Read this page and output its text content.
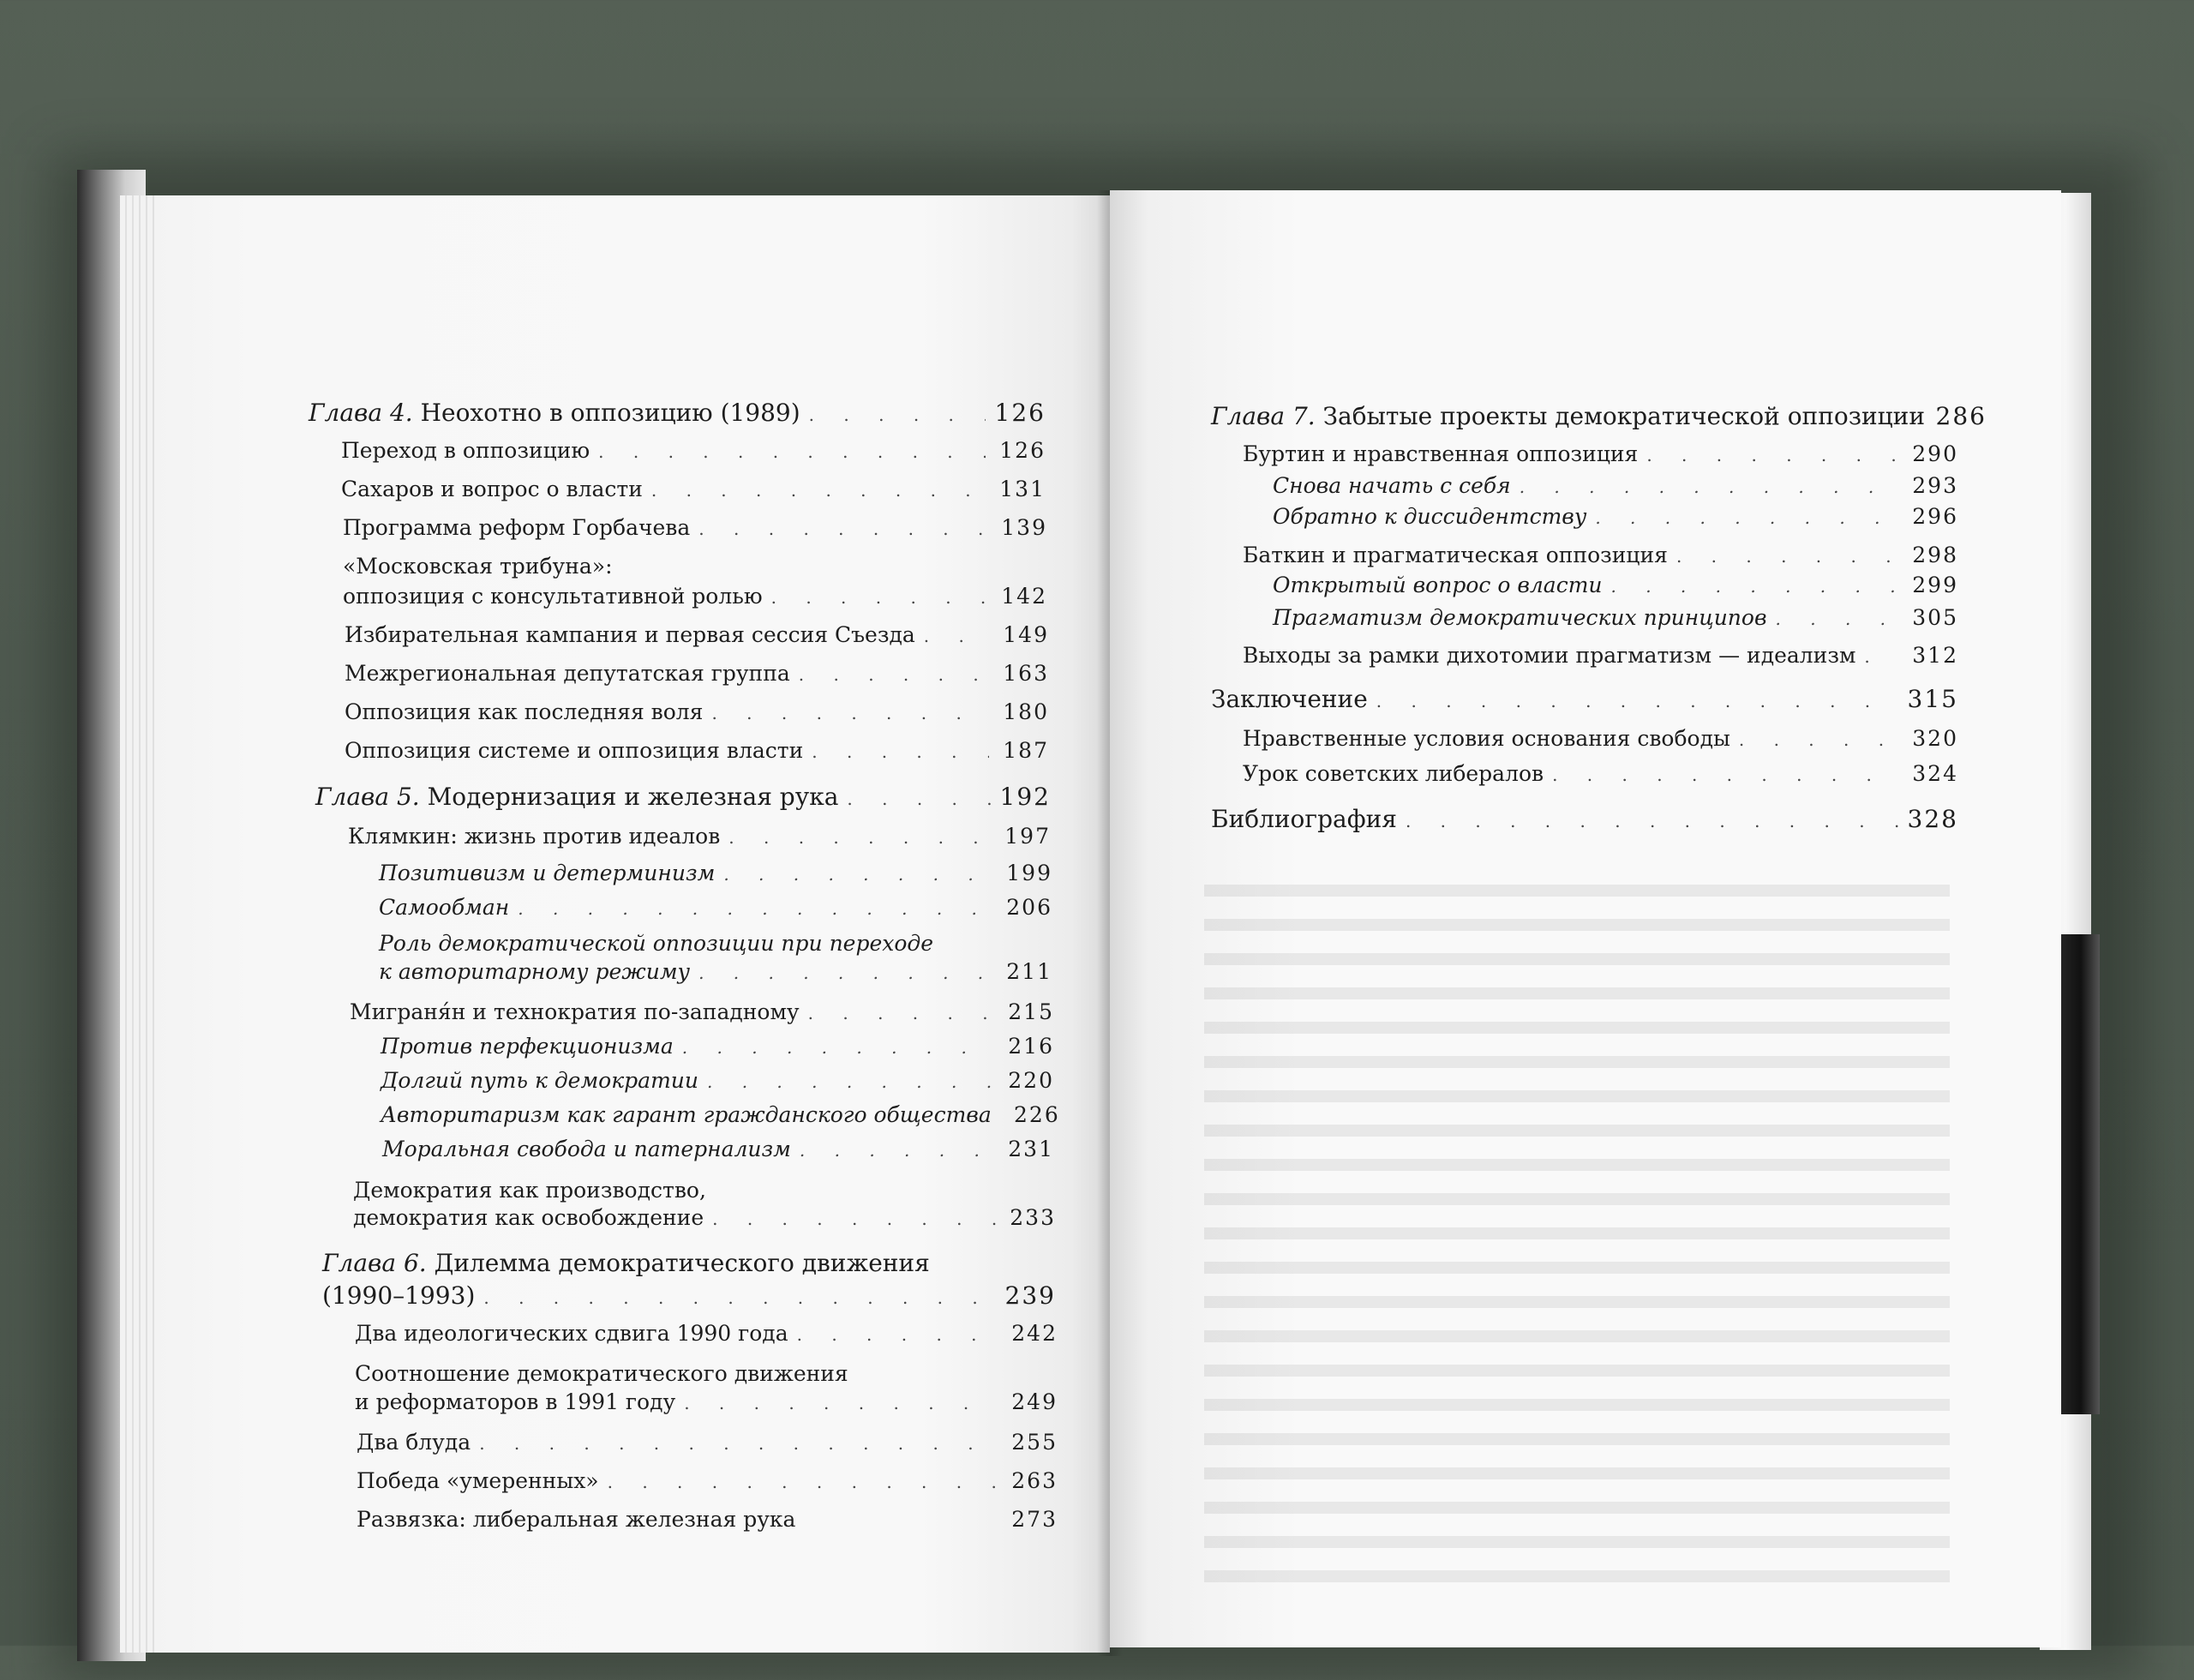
Глава 4. Неохотно в оппозицию (1989) . . .	126
Переход в оппозицию . . .	126
Сахаров и вопрос о власти . . .	131
Программа реформ Горбачева . . .	139
«Московская трибуна»:
оппозиция с консультативной ролью . . .	142
Избирательная кампания и первая сессия Съезда . . .	149
Межрегиональная депутатская группа . . .	163
Оппозиция как последняя воля . . .	180
Оппозиция системе и оппозиция власти . . .	187
Глава 5. Модернизация и железная рука . . .	192
Клямкин: жизнь против идеалов . . .	197
Позитивизм и детерминизм . . .	199
Самообман . . .	206
Роль демократической оппозиции при переходе
к авторитарному режиму . . .	211
Миграня́н и технократия по-западному . . .	215
Против перфекционизма . . .	216
Долгий путь к демократии . . .	220
Авторитаризм как гарант гражданского общества 226
Моральная свобода и патернализм . . .	231
Демократия как производство,
демократия как освобождение . . .	233
Глава 6. Дилемма демократического движения
(1990–1993) . . .	239
Два идеологических сдвига 1990 года . . .	242
Соотношение демократического движения
и реформаторов в 1991 году . . .	249
Два блуда . . .	255
Победа «умеренных» . . .	263
Развязка: либеральная железная рука	273
Глава 7. Забытые проекты демократической оппозиции 286
Буртин и нравственная оппозиция . . .	290
Снова начать с себя . . .	293
Обратно к диссидентству . . .	296
Баткин и прагматическая оппозиция . . .	298
Открытый вопрос о власти . . .	299
Прагматизм демократических принципов . . .	305
Выходы за рамки дихотомии прагматизм — идеализм . . .	312
Заключение . . .	315
Нравственные условия основания свободы . . .	320
Урок советских либералов . . .	324
Библиография . . .	328
